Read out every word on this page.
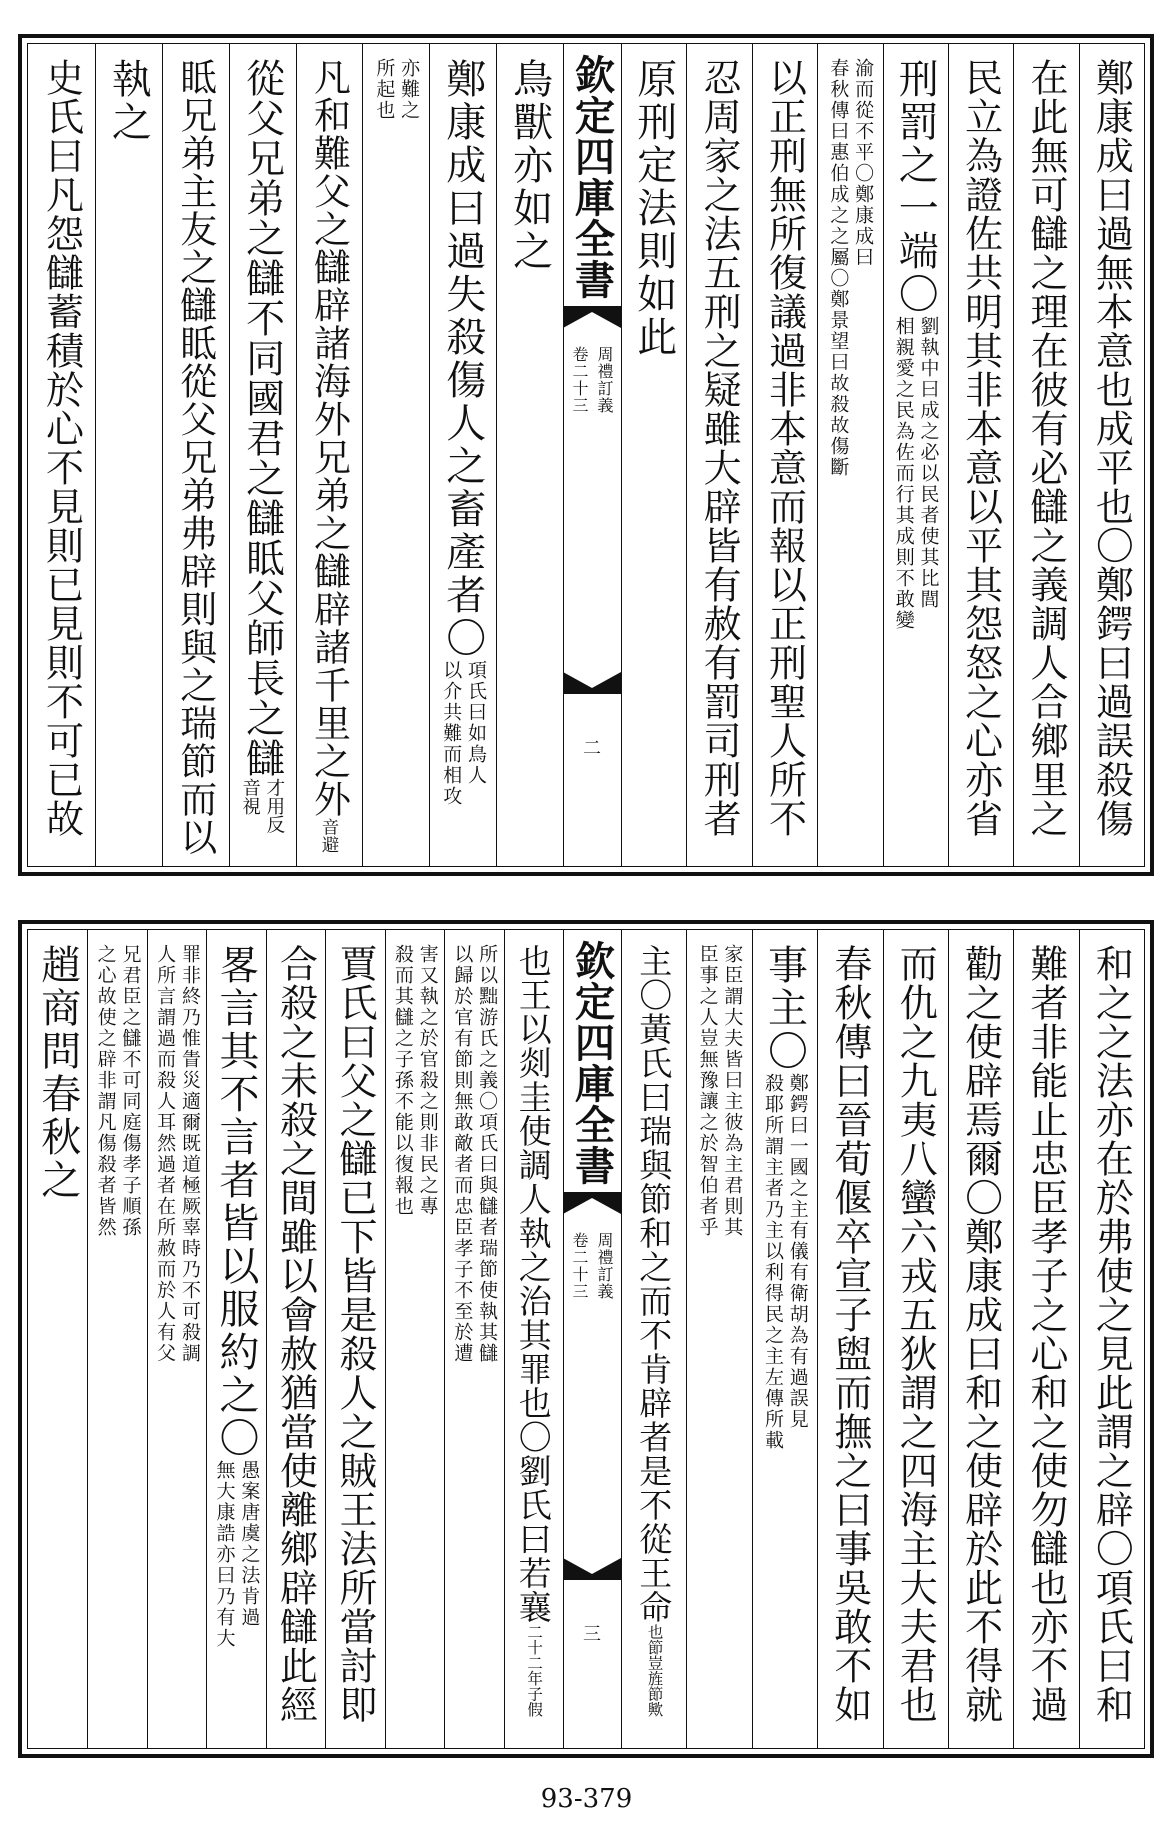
鄭康成曰過無本意也成平也〇鄭鍔曰過誤殺傷
在此無可讎之理在彼有必讎之義調人合鄉里之
民立為證佐共明其非本意以平其怨怒之心亦省
刑罰之一端〇
劉執中曰成之必以民者使其比閭
相親愛之民為佐而行其成則不敢變
渝而從不平〇鄭康成曰
春秋傳曰惠伯成之之屬〇鄭景望曰故殺故傷斷
以正刑無所復議過非本意而報以正刑聖人所不
忍周家之法五刑之疑雖大辟皆有赦有罰司刑者
原刑定法則如此
鳥獸亦如之
鄭康成曰過失殺傷人之畜產者〇
項氏曰如鳥人
以介共難而相攻
亦難之
所起也
凡和難父之讎辟諸海外兄弟之讎辟諸千里之外
音避
從父兄弟之讎不同國君之讎眡父師長之讎
才用反
音視
眡兄弟主友之讎眡從父兄弟弗辟則與之瑞節而以
執之
史氏曰凡怨讎蓄積於心不見則已見則不可已故	欽定四庫全書
周禮訂義
卷二十三
二
和之之法亦在於弗使之見此謂之辟〇項氏曰和
難者非能止忠臣孝子之心和之使勿讎也亦不過
勸之使辟焉爾〇鄭康成曰和之使辟於此不得就
而仇之九夷八蠻六戎五狄謂之四海主大夫君也
春秋傳曰晉荀偃卒宣子盥而撫之曰事吳敢不如
事主〇
鄭鍔曰一國之主有儀有衛胡為有過誤見
殺耶所謂主者乃主以利得民之主左傳所載
家臣謂大夫皆曰主彼為主君則其
臣事之人豈無豫讓之於智伯者乎
主〇黃氏曰瑞與節和之而不肯辟者是不從王命
也節豈旌節歟
也王以剡圭使調人執之治其罪也〇劉氏曰若襄
二十二年子假
所以黜游氏之義〇項氏曰與讎者瑞節使執其讎
以歸於官有節則無敢敵者而忠臣孝子不至於遭
害又執之於官殺之則非民之專
殺而其讎之子孫不能以復報也
賈氏曰父之讎已下皆是殺人之賊王法所當討即
合殺之未殺之間雖以會赦猶當使離鄉辟讎此經
畧言其不言者皆以服約之〇
愚案唐虞之法肯過
無大康誥亦曰乃有大
罪非終乃惟眚災適爾既道極厥辜時乃不可殺調
人所言謂過而殺人耳然過者在所赦而於人有父
兄君臣之讎不可同庭傷孝子順孫
之心故使之辟非謂凡傷殺者皆然
趙商問春秋之	欽定四庫全書
周禮訂義
卷二十三
三
93-379
